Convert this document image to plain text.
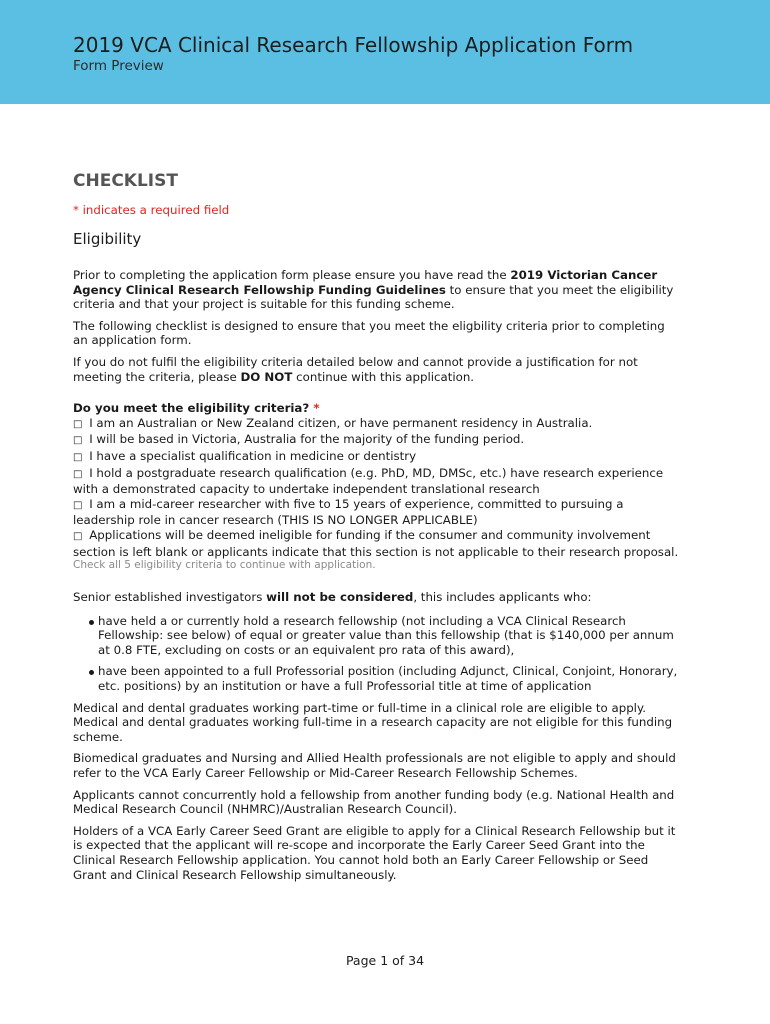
2019 VCA Clinical Research Fellowship Application Form
Form Preview
CHECKLIST
* indicates a required field
Eligibility

Prior to completing the application form please ensure you have read the 2019 Victorian Cancer Agency Clinical Research Fellowship Funding Guidelines to ensure that you meet the eligibility criteria and that your project is suitable for this funding scheme.

The following checklist is designed to ensure that you meet the eligbility criteria prior to completing an application form.

If you do not fulfil the eligibility criteria detailed below and cannot provide a justification for not meeting the criteria, please DO NOT continue with this application.

Do you meet the eligibility criteria? *
□ I am an Australian or New Zealand citizen, or have permanent residency in Australia.
□ I will be based in Victoria, Australia for the majority of the funding period.
□ I have a specialist qualification in medicine or dentistry
□ I hold a postgraduate research qualification (e.g. PhD, MD, DMSc, etc.) have research experience with a demonstrated capacity to undertake independent translational research
□ I am a mid-career researcher with five to 15 years of experience, committed to pursuing a leadership role in cancer research (THIS IS NO LONGER APPLICABLE)
□ Applications will be deemed ineligible for funding if the consumer and community involvement section is left blank or applicants indicate that this section is not applicable to their research proposal.
Check all 5 eligibility criteria to continue with application.

Senior established investigators will not be considered, this includes applicants who:

have held a or currently hold a research fellowship (not including a VCA Clinical Research Fellowship: see below) of equal or greater value than this fellowship (that is $140,000 per annum at 0.8 FTE, excluding on costs or an equivalent pro rata of this award),
have been appointed to a full Professorial position (including Adjunct, Clinical, Conjoint, Honorary, etc. positions) by an institution or have a full Professorial title at time of application

Medical and dental graduates working part-time or full-time in a clinical role are eligible to apply. Medical and dental graduates working full-time in a research capacity are not eligible for this funding scheme.

Biomedical graduates and Nursing and Allied Health professionals are not eligible to apply and should refer to the VCA Early Career Fellowship or Mid-Career Research Fellowship Schemes.

Applicants cannot concurrently hold a fellowship from another funding body (e.g. National Health and Medical Research Council (NHMRC)/Australian Research Council).

Holders of a VCA Early Career Seed Grant are eligible to apply for a Clinical Research Fellowship but it is expected that the applicant will re-scope and incorporate the Early Career Seed Grant into the Clinical Research Fellowship application. You cannot hold both an Early Career Fellowship or Seed Grant and Clinical Research Fellowship simultaneously.

Page 1 of 34
